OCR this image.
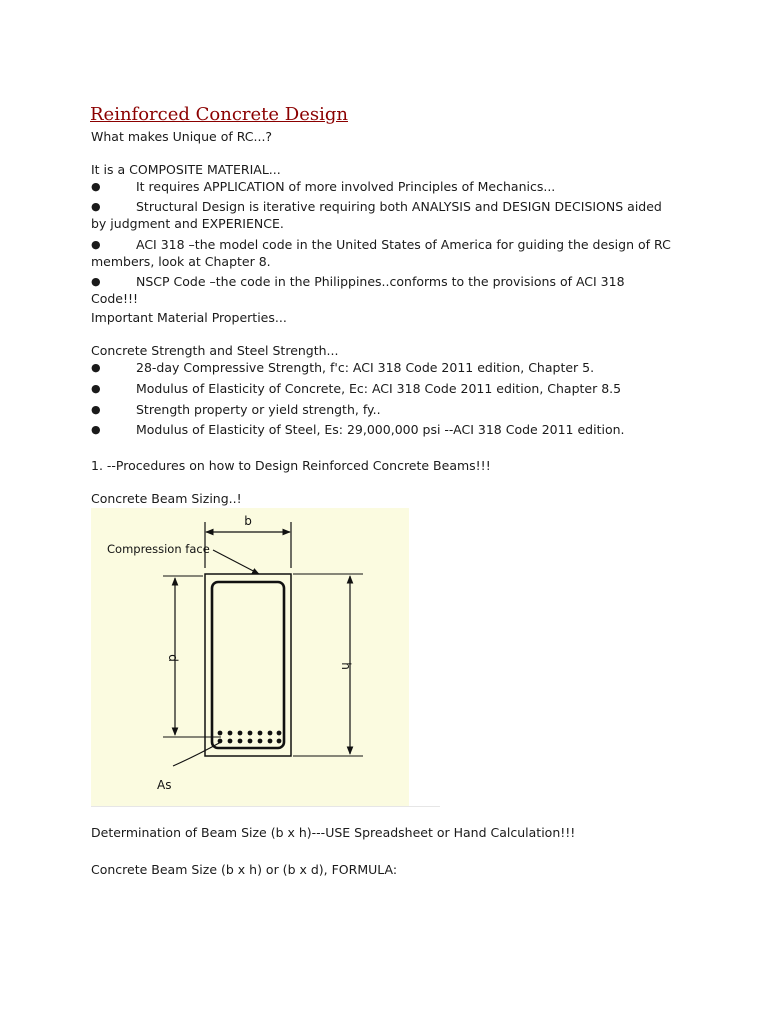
Reinforced Concrete Design
What makes Unique of RC...?
It is a COMPOSITE MATERIAL...
●	It requires APPLICATION of more involved Principles of Mechanics...
●	Structural Design is iterative requiring both ANALYSIS and DESIGN DECISIONS aided by judgment and EXPERIENCE.
●	ACI 318 –the model code in the United States of America for guiding the design of RC members, look at Chapter 8.
●	NSCP Code –the code in the Philippines..conforms to the provisions of ACI 318 Code!!!
Important Material Properties...
Concrete Strength and Steel Strength...
●	28-day Compressive Strength, f'c: ACI 318 Code 2011 edition, Chapter 5.
●	Modulus of Elasticity of Concrete, Ec: ACI 318 Code 2011 edition, Chapter 8.5
●	Strength property or yield strength, fy..
●	Modulus of Elasticity of Steel, Es: 29,000,000 psi --ACI 318 Code 2011 edition.
1. --Procedures on how to Design Reinforced Concrete Beams!!!
Concrete Beam Sizing..!
b
Compression face
d
h
As
Determination of Beam Size (b x h)---USE Spreadsheet or Hand Calculation!!!
Concrete Beam Size (b x h) or (b x d), FORMULA:
